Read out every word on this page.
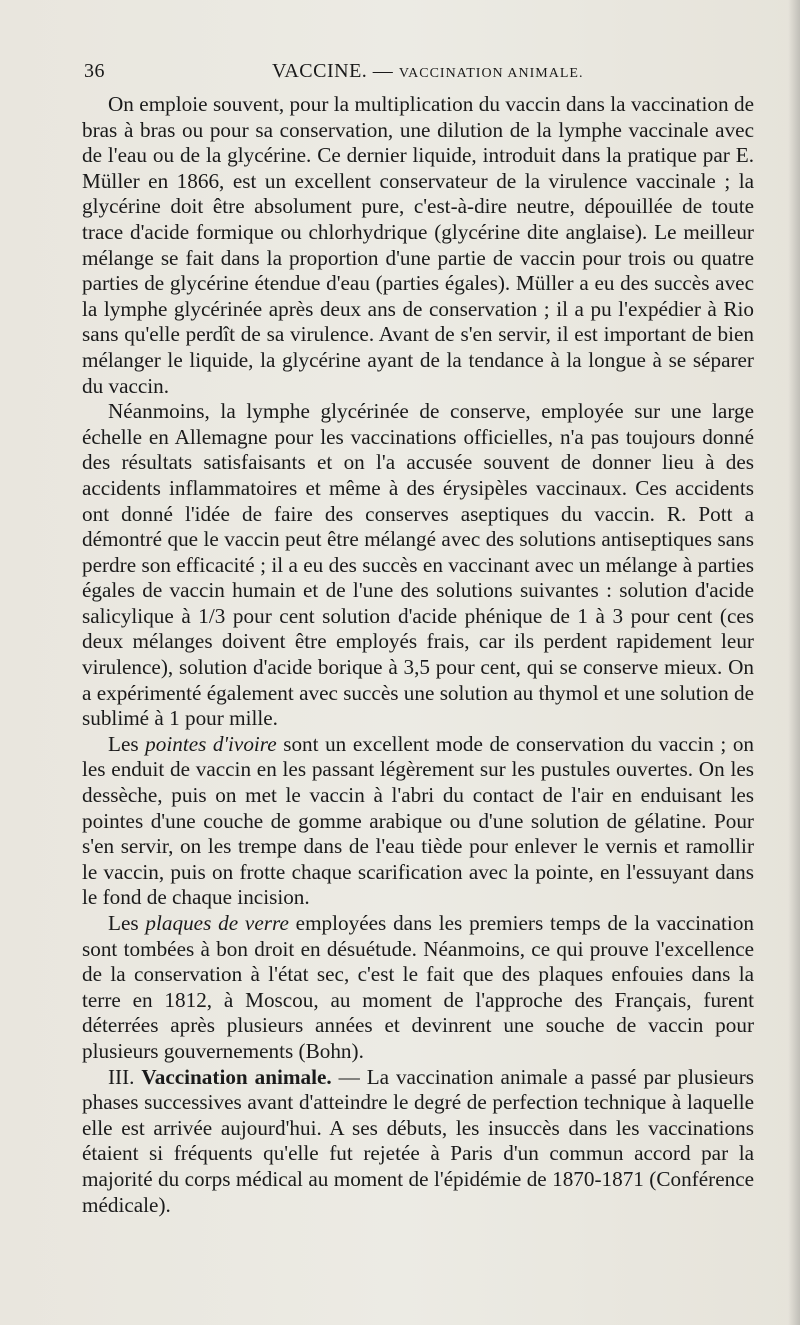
36	VACCINE. — VACCINATION ANIMALE.

On emploie souvent, pour la multiplication du vaccin dans la vaccination de bras à bras ou pour sa conservation, une dilution de la lymphe vaccinale avec de l'eau ou de la glycérine. Ce dernier liquide, introduit dans la pratique par E. Müller en 1866, est un excellent conservateur de la virulence vaccinale ; la glycérine doit être absolument pure, c'est-à-dire neutre, dépouillée de toute trace d'acide formique ou chlorhydrique (glycérine dite anglaise). Le meilleur mélange se fait dans la proportion d'une partie de vaccin pour trois ou quatre parties de glycérine étendue d'eau (parties égales). Müller a eu des succès avec la lymphe glycérinée après deux ans de conservation ; il a pu l'expédier à Rio sans qu'elle perdît de sa virulence. Avant de s'en servir, il est important de bien mélanger le liquide, la glycérine ayant de la tendance à la longue à se séparer du vaccin.

Néanmoins, la lymphe glycérinée de conserve, employée sur une large échelle en Allemagne pour les vaccinations officielles, n'a pas toujours donné des résultats satisfaisants et on l'a accusée souvent de donner lieu à des accidents inflammatoires et même à des érysipèles vaccinaux. Ces accidents ont donné l'idée de faire des conserves aseptiques du vaccin. R. Pott a démontré que le vaccin peut être mélangé avec des solutions antiseptiques sans perdre son efficacité ; il a eu des succès en vaccinant avec un mélange à parties égales de vaccin humain et de l'une des solutions suivantes : solution d'acide salicylique à 1/3 pour cent solution d'acide phénique de 1 à 3 pour cent (ces deux mélanges doivent être employés frais, car ils perdent rapidement leur virulence), solution d'acide borique à 3,5 pour cent, qui se conserve mieux. On a expérimenté également avec succès une solution au thymol et une solution de sublimé à 1 pour mille.

Les pointes d'ivoire sont un excellent mode de conservation du vaccin ; on les enduit de vaccin en les passant légèrement sur les pustules ouvertes. On les dessèche, puis on met le vaccin à l'abri du contact de l'air en enduisant les pointes d'une couche de gomme arabique ou d'une solution de gélatine. Pour s'en servir, on les trempe dans de l'eau tiède pour enlever le vernis et ramollir le vaccin, puis on frotte chaque scarification avec la pointe, en l'essuyant dans le fond de chaque incision.

Les plaques de verre employées dans les premiers temps de la vaccination sont tombées à bon droit en désuétude. Néanmoins, ce qui prouve l'excellence de la conservation à l'état sec, c'est le fait que des plaques enfouies dans la terre en 1812, à Moscou, au moment de l'approche des Français, furent déterrées après plusieurs années et devinrent une souche de vaccin pour plusieurs gouvernements (Bohn).

III. Vaccination animale. — La vaccination animale a passé par plusieurs phases successives avant d'atteindre le degré de perfection technique à laquelle elle est arrivée aujourd'hui. A ses débuts, les insuccès dans les vaccinations étaient si fréquents qu'elle fut rejetée à Paris d'un commun accord par la majorité du corps médical au moment de l'épidémie de 1870-1871 (Conférence médicale).
